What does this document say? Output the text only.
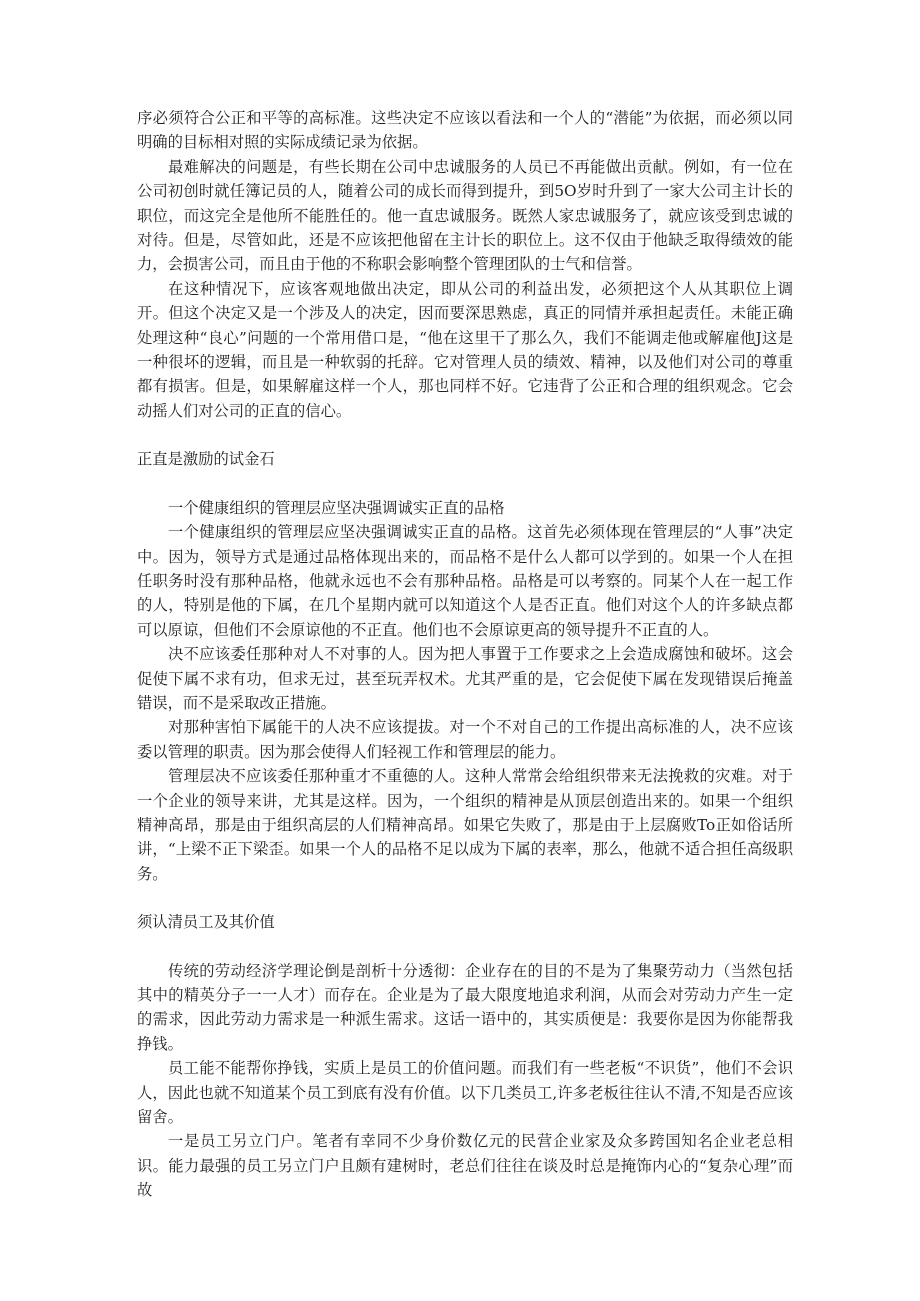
序必须符合公正和平等的高标准。这些决定不应该以看法和一个人的“潜能”为依据，而必须以同明确的目标相对照的实际成绩记录为依据。

最难解决的问题是，有些长期在公司中忠诚服务的人员已不再能做出贡献。例如，有一位在公司初创时就任簿记员的人，随着公司的成长而得到提升，到5O岁时升到了一家大公司主计长的职位，而这完全是他所不能胜任的。他一直忠诚服务。既然人家忠诚服务了，就应该受到忠诚的对待。但是，尽管如此，还是不应该把他留在主计长的职位上。这不仅由于他缺乏取得绩效的能力，会损害公司，而且由于他的不称职会影响整个管理团队的士气和信誉。

在这种情况下，应该客观地做出决定，即从公司的利益出发，必须把这个人从其职位上调开。但这个决定又是一个涉及人的决定，因而要深思熟虑，真正的同情并承担起责任。未能正确处理这种“良心”问题的一个常用借口是，“他在这里干了那么久，我们不能调走他或解雇他J这是一种很坏的逻辑，而且是一种软弱的托辞。它对管理人员的绩效、精神，以及他们对公司的尊重都有损害。但是，如果解雇这样一个人，那也同样不好。它违背了公正和合理的组织观念。它会动摇人们对公司的正直的信心。

正直是激励的试金石

一个健康组织的管理层应坚决强调诚实正直的品格

一个健康组织的管理层应坚决强调诚实正直的品格。这首先必须体现在管理层的“人事”决定中。因为，领导方式是通过品格体现出来的，而品格不是什么人都可以学到的。如果一个人在担任职务时没有那种品格，他就永远也不会有那种品格。品格是可以考察的。同某个人在一起工作的人，特别是他的下属，在几个星期内就可以知道这个人是否正直。他们对这个人的许多缺点都可以原谅，但他们不会原谅他的不正直。他们也不会原谅更高的领导提升不正直的人。

决不应该委任那种对人不对事的人。因为把人事置于工作要求之上会造成腐蚀和破坏。这会促使下属不求有功，但求无过，甚至玩弄权术。尤其严重的是，它会促使下属在发现错误后掩盖错误，而不是采取改正措施。

对那种害怕下属能干的人决不应该提拔。对一个不对自己的工作提出高标准的人，决不应该委以管理的职责。因为那会使得人们轻视工作和管理层的能力。

管理层决不应该委任那种重才不重德的人。这种人常常会给组织带来无法挽救的灾难。对于一个企业的领导来讲，尤其是这样。因为，一个组织的精神是从顶层创造出来的。如果一个组织精神高昂，那是由于组织高层的人们精神高昂。如果它失败了，那是由于上层腐败To正如俗话所讲，“上梁不正下梁歪。如果一个人的品格不足以成为下属的表率，那么，他就不适合担任高级职务。

须认清员工及其价值

传统的劳动经济学理论倒是剖析十分透彻：企业存在的目的不是为了集聚劳动力（当然包括其中的精英分子一一人才）而存在。企业是为了最大限度地追求利润，从而会对劳动力产生一定的需求，因此劳动力需求是一种派生需求。这话一语中的，其实质便是：我要你是因为你能帮我挣钱。

员工能不能帮你挣钱，实质上是员工的价值问题。而我们有一些老板“不识货”，他们不会识人，因此也就不知道某个员工到底有没有价值。以下几类员工,许多老板往往认不清,不知是否应该留舍。

一是员工另立门户。笔者有幸同不少身价数亿元的民营企业家及众多跨国知名企业老总相识。能力最强的员工另立门户且颇有建树时，老总们往往在谈及时总是掩饰内心的“复杂心理”而故
